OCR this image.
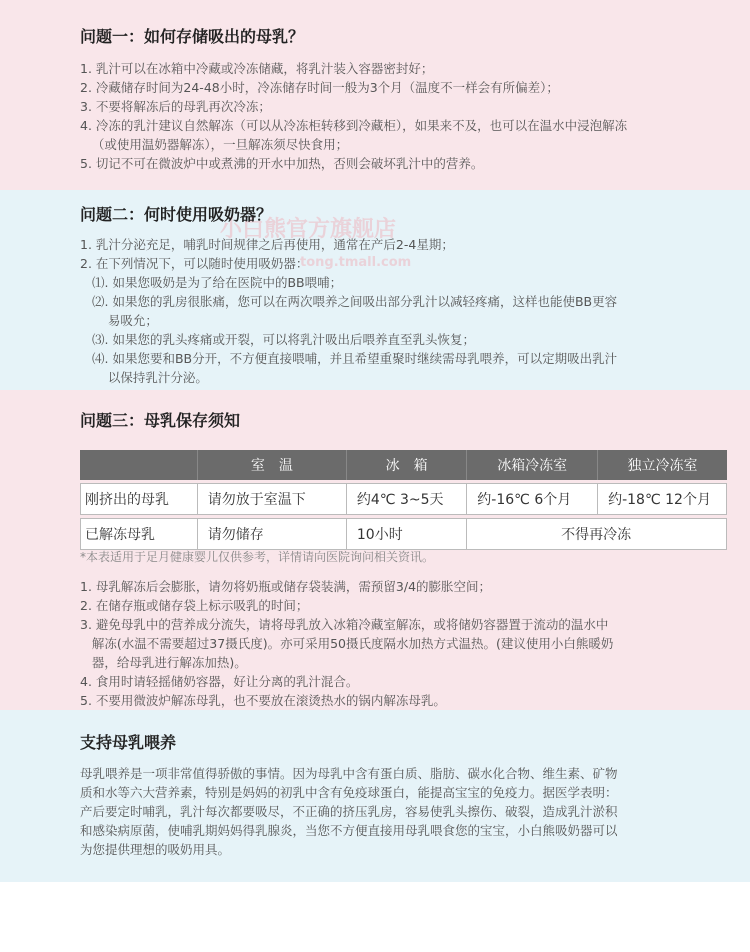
问题一：如何存储吸出的母乳？
1. 乳汁可以在冰箱中冷藏或冷冻储藏，将乳汁装入容器密封好；
2. 冷藏储存时间为24-48小时，冷冻储存时间一般为3个月（温度不一样会有所偏差）；
3. 不要将解冻后的母乳再次冷冻；
4. 冷冻的乳汁建议自然解冻（可以从冷冻柜转移到冷藏柜），如果来不及，也可以在温水中浸泡解冻
（或使用温奶器解冻），一旦解冻须尽快食用；
5. 切记不可在微波炉中或煮沸的开水中加热，否则会破坏乳汁中的营养。
小白熊官方旗舰店
tong.tmall.com
问题二：何时使用吸奶器？
1. 乳汁分泌充足，哺乳时间规律之后再使用，通常在产后2-4星期；
2. 在下列情况下，可以随时使用吸奶器：
⑴. 如果您吸奶是为了给在医院中的BB喂哺；
⑵. 如果您的乳房很胀痛，您可以在两次喂养之间吸出部分乳汁以减轻疼痛，这样也能使BB更容
易吸允；
⑶. 如果您的乳头疼痛或开裂，可以将乳汁吸出后喂养直至乳头恢复；
⑷. 如果您要和BB分开，不方便直接喂哺，并且希望重聚时继续需母乳喂养，可以定期吸出乳汁
以保持乳汁分泌。
问题三：母乳保存须知
	室　温	冰　箱	冰箱冷冻室	独立冷冻室
刚挤出的母乳	请勿放于室温下	约4℃ 3~5天	约-16℃ 6个月	约-18℃ 12个月
已解冻母乳	请勿储存	10小时	不得再冷冻	
*本表适用于足月健康婴儿仅供参考，详情请向医院询问相关资讯。
1. 母乳解冻后会膨胀，请勿将奶瓶或储存袋装满，需预留3/4的膨胀空间；
2. 在储存瓶或储存袋上标示吸乳的时间；
3. 避免母乳中的营养成分流失，请将母乳放入冰箱冷藏室解冻，或将储奶容器置于流动的温水中
解冻(水温不需要超过37摄氏度)。亦可采用50摄氏度隔水加热方式温热。(建议使用小白熊暖奶
器，给母乳进行解冻加热)。
4. 食用时请轻摇储奶容器，好让分离的乳汁混合。
5. 不要用微波炉解冻母乳，也不要放在滚烫热水的锅内解冻母乳。
支持母乳喂养
母乳喂养是一项非常值得骄傲的事情。因为母乳中含有蛋白质、脂肪、碳水化合物、维生素、矿物
质和水等六大营养素，特别是妈妈的初乳中含有免疫球蛋白，能提高宝宝的免疫力。据医学表明：
产后要定时哺乳，乳汁每次都要吸尽，不正确的挤压乳房，容易使乳头擦伤、破裂，造成乳汁淤积
和感染病原菌，使哺乳期妈妈得乳腺炎，当您不方便直接用母乳喂食您的宝宝，小白熊吸奶器可以
为您提供理想的吸奶用具。
